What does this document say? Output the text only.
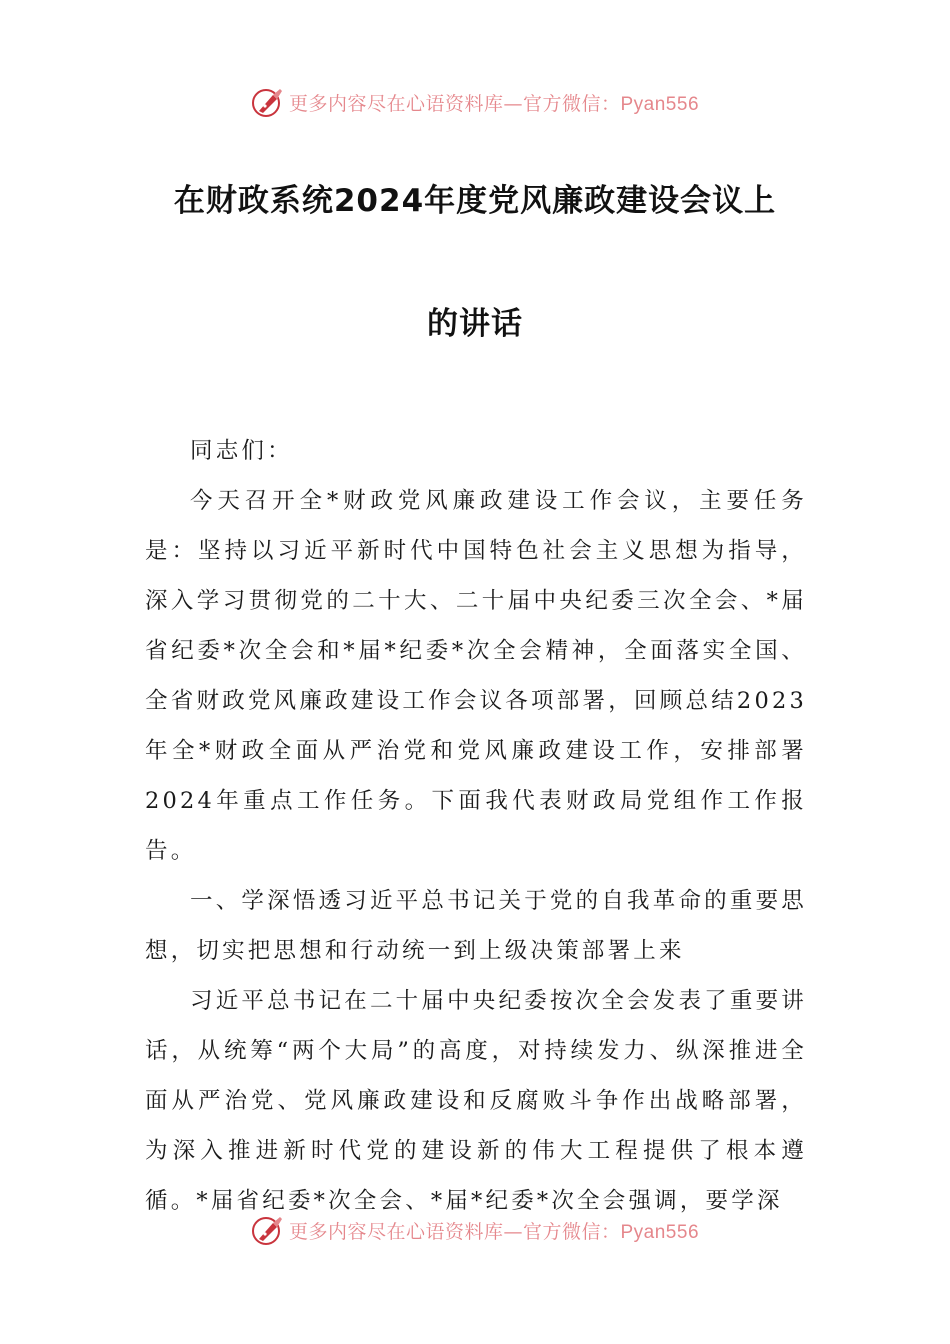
更多内容尽在心语资料库—官方微信：Pyan556
在财政系统2024年度党风廉政建设会议上
的讲话

同志们：

今天召开全*财政党风廉政建设工作会议，主要任务是：坚持以习近平新时代中国特色社会主义思想为指导，深入学习贯彻党的二十大、二十届中央纪委三次全会、*届省纪委*次全会和*届*纪委*次全会精神，全面落实全国、全省财政党风廉政建设工作会议各项部署，回顾总结2023年全*财政全面从严治党和党风廉政建设工作，安排部署2024年重点工作任务。下面我代表财政局党组作工作报告。

一、学深悟透习近平总书记关于党的自我革命的重要思想，切实把思想和行动统一到上级决策部署上来

习近平总书记在二十届中央纪委按次全会发表了重要讲话，从统筹“两个大局”的高度，对持续发力、纵深推进全面从严治党、党风廉政建设和反腐败斗争作出战略部署，为深入推进新时代党的建设新的伟大工程提供了根本遵循。*届省纪委*次全会、*届*纪委*次全会强调，要学深

更多内容尽在心语资料库—官方微信：Pyan556
